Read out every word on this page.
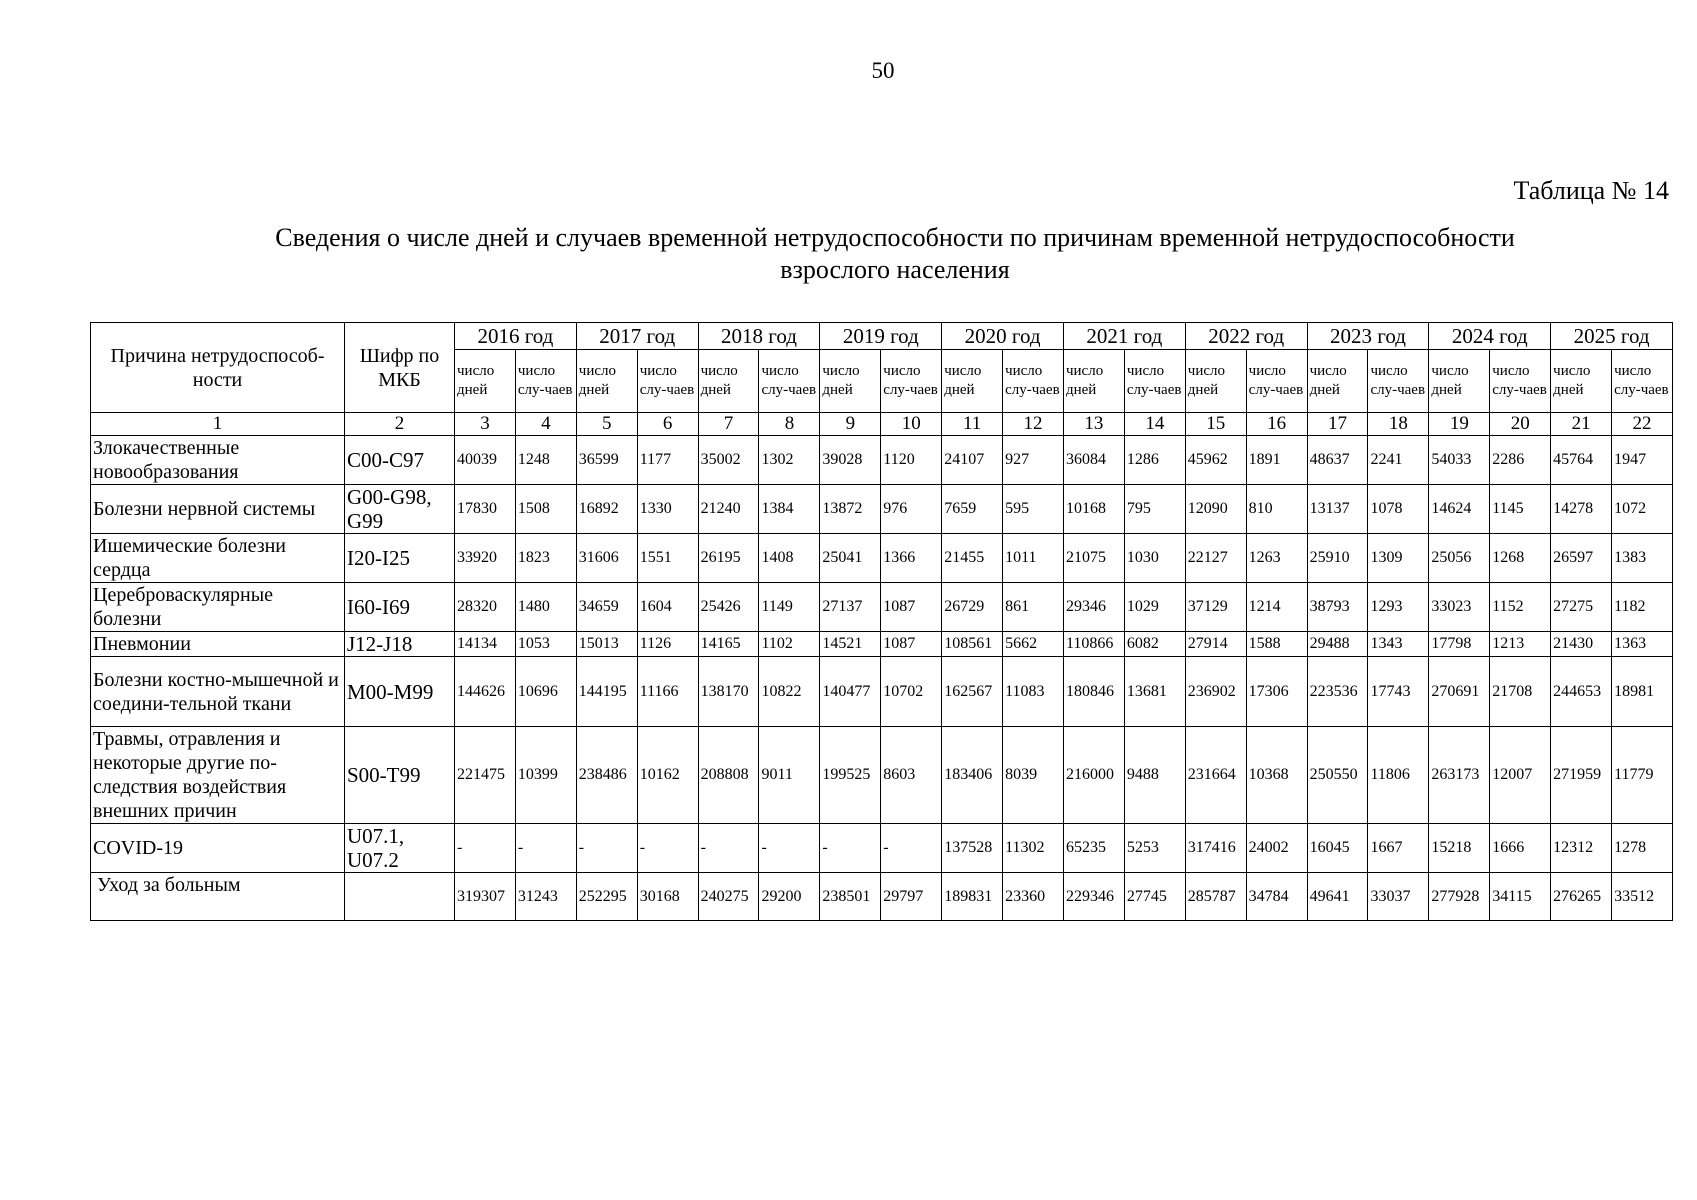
50
Таблица № 14
Сведения о числе дней и случаев временной нетрудоспособности по причинам временной нетрудоспособности
взрослого населения
Причина нетрудоспособ-ности	Шифр по МКБ	2016 год		2017 год		2018 год		2019 год		2020 год		2021 год		2022 год		2023 год		2024 год		2025 год	
		число дней	число слу-чаев	число дней	число слу-чаев	число дней	число слу-чаев	число дней	число слу-чаев	число дней	число слу-чаев	число дней	число слу-чаев	число дней	число слу-чаев	число дней	число слу-чаев	число дней	число слу-чаев	число дней	число слу-чаев
1	2	3	4	5	6	7	8	9	10	11	12	13	14	15	16	17	18	19	20	21	22
Злокачественные новообразования	С00-С97	40039	1248	36599	1177	35002	1302	39028	1120	24107	927	36084	1286	45962	1891	48637	2241	54033	2286	45764	1947
Болезни нервной системы	G00-G98, G99	17830	1508	16892	1330	21240	1384	13872	976	7659	595	10168	795	12090	810	13137	1078	14624	1145	14278	1072
Ишемические болезни сердца	I20-I25	33920	1823	31606	1551	26195	1408	25041	1366	21455	1011	21075	1030	22127	1263	25910	1309	25056	1268	26597	1383
Цереброваскулярные болезни	I60-I69	28320	1480	34659	1604	25426	1149	27137	1087	26729	861	29346	1029	37129	1214	38793	1293	33023	1152	27275	1182
Пневмонии	J12-J18	14134	1053	15013	1126	14165	1102	14521	1087	108561	5662	110866	6082	27914	1588	29488	1343	17798	1213	21430	1363
Болезни костно-мышечной и соедини-тельной ткани	М00-М99	144626	10696	144195	11166	138170	10822	140477	10702	162567	11083	180846	13681	236902	17306	223536	17743	270691	21708	244653	18981
Травмы, отравления и некоторые другие по-следствия воздействия внешних причин	S00-T99	221475	10399	238486	10162	208808	9011	199525	8603	183406	8039	216000	9488	231664	10368	250550	11806	263173	12007	271959	11779
COVID-19	U07.1, U07.2	-	-	-	-	-	-	-	-	137528	11302	65235	5253	317416	24002	16045	1667	15218	1666	12312	1278
Уход за больным		319307	31243	252295	30168	240275	29200	238501	29797	189831	23360	229346	27745	285787	34784	49641	33037	277928	34115	276265	33512
